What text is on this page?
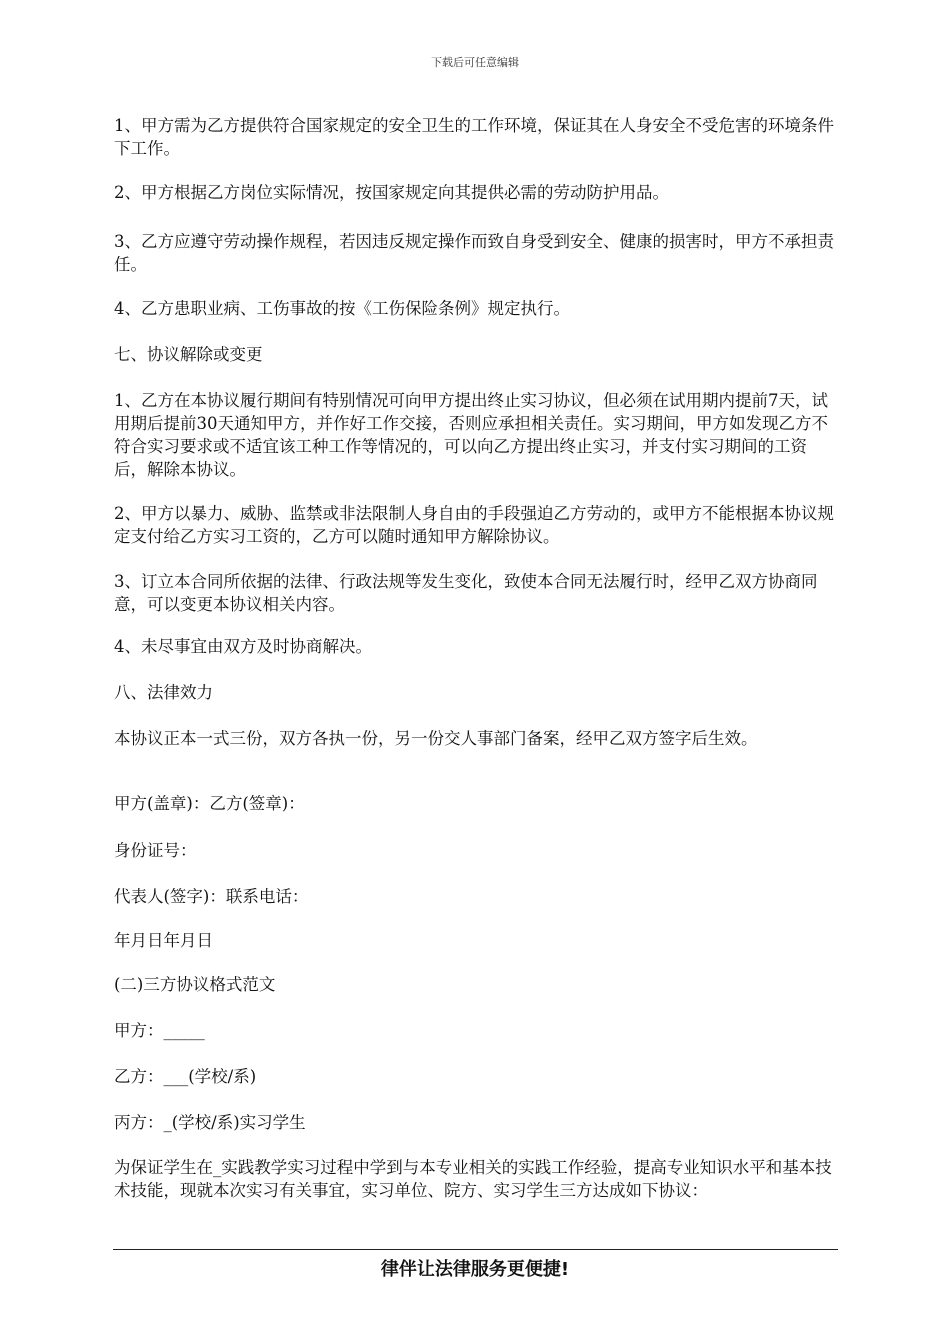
下载后可任意编辑

1、甲方需为乙方提供符合国家规定的安全卫生的工作环境，保证其在人身安全不受危害的环境条件下工作。

2、甲方根据乙方岗位实际情况，按国家规定向其提供必需的劳动防护用品。

3、乙方应遵守劳动操作规程，若因违反规定操作而致自身受到安全、健康的损害时，甲方不承担责任。

4、乙方患职业病、工伤事故的按《工伤保险条例》规定执行。

七、协议解除或变更

1、乙方在本协议履行期间有特别情况可向甲方提出终止实习协议，但必须在试用期内提前7天，试用期后提前30天通知甲方，并作好工作交接，否则应承担相关责任。实习期间，甲方如发现乙方不符合实习要求或不适宜该工种工作等情况的，可以向乙方提出终止实习，并支付实习期间的工资后，解除本协议。

2、甲方以暴力、威胁、监禁或非法限制人身自由的手段强迫乙方劳动的，或甲方不能根据本协议规定支付给乙方实习工资的，乙方可以随时通知甲方解除协议。

3、订立本合同所依据的法律、行政法规等发生变化，致使本合同无法履行时，经甲乙双方协商同意，可以变更本协议相关内容。

4、未尽事宜由双方及时协商解决。

八、法律效力

本协议正本一式三份，双方各执一份，另一份交人事部门备案，经甲乙双方签字后生效。

甲方(盖章)：乙方(签章)：

身份证号：

代表人(签字)：联系电话：

年月日年月日

(二)三方协议格式范文

甲方：_____

乙方：___(学校/系)

丙方：_(学校/系)实习学生

为保证学生在_实践教学实习过程中学到与本专业相关的实践工作经验，提高专业知识水平和基本技术技能，现就本次实习有关事宜，实习单位、院方、实习学生三方达成如下协议：

律伴让法律服务更便捷!
